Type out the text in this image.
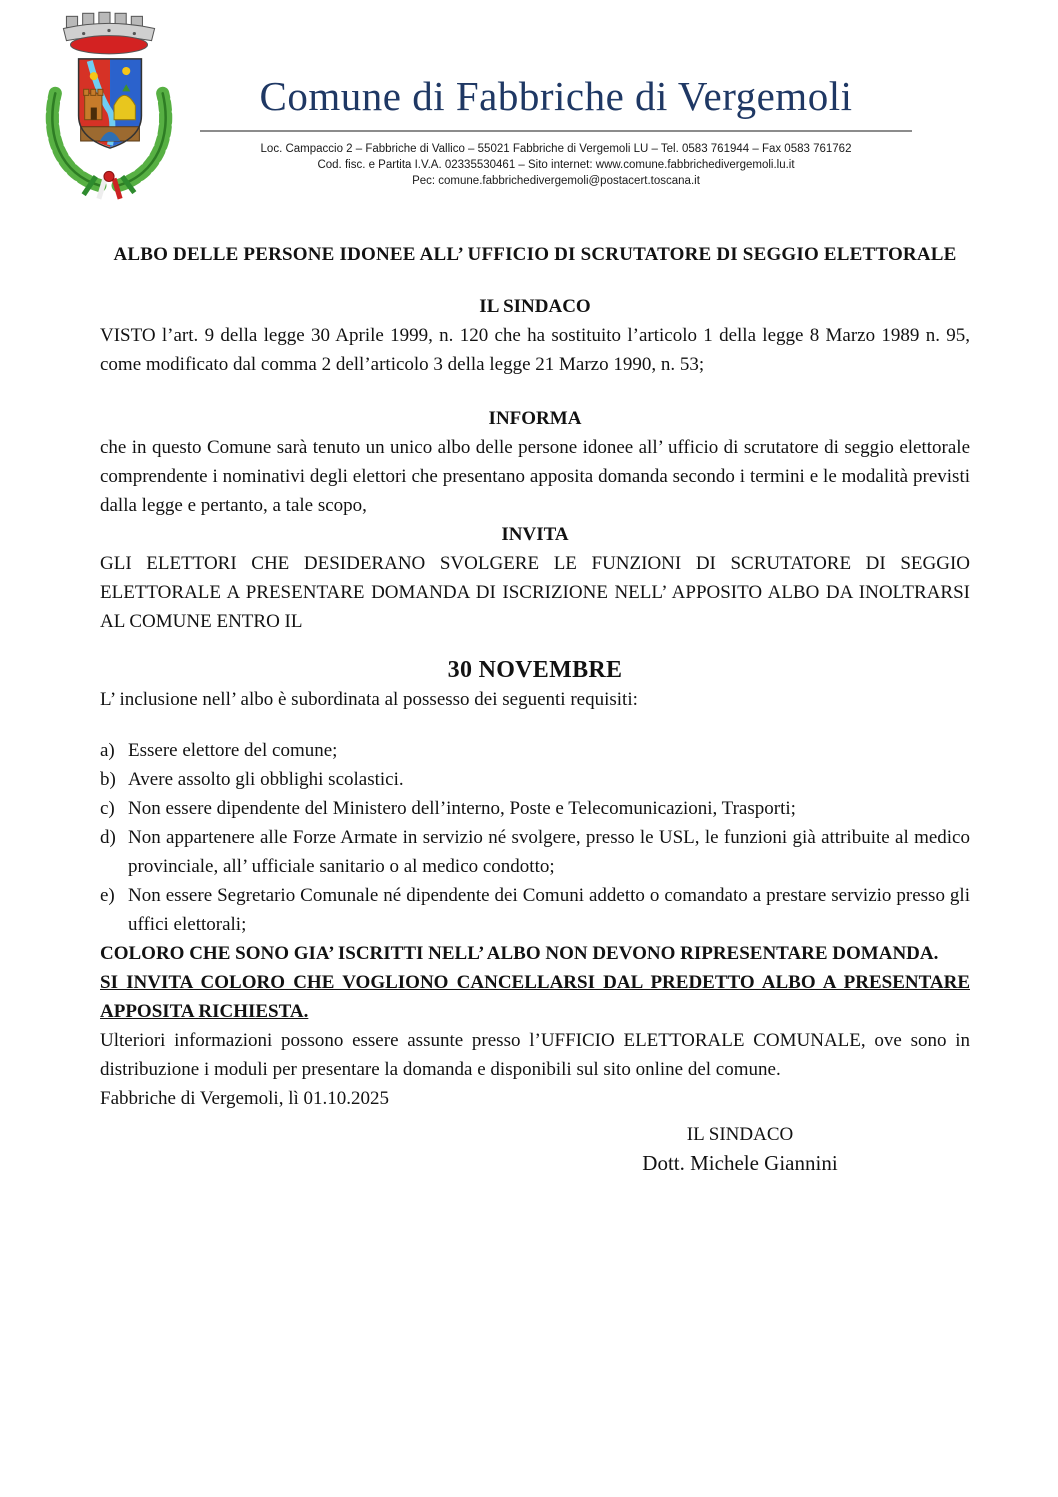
Comune di Fabbriche di Vergemoli

Loc. Campaccio 2 – Fabbriche di Vallico – 55021 Fabbriche di Vergemoli LU – Tel. 0583 761944 – Fax 0583 761762

Cod. fisc. e Partita I.V.A. 02335530461 – Sito internet: www.comune.fabbrichedivergemoli.lu.it

Pec: comune.fabbrichedivergemoli@postacert.toscana.it

ALBO DELLE PERSONE IDONEE ALL’ UFFICIO DI SCRUTATORE DI SEGGIO ELETTORALE
IL SINDACO

VISTO l’art. 9 della legge 30 Aprile 1999, n. 120 che ha sostituito l’articolo 1 della legge 8 Marzo 1989 n. 95, come modificato dal comma 2 dell’articolo 3 della legge 21 Marzo 1990, n. 53;

INFORMA

che in questo Comune sarà tenuto un unico albo delle persone idonee all’ ufficio di scrutatore di seggio elettorale comprendente i nominativi degli elettori che presentano apposita domanda secondo i termini e le modalità previsti dalla legge e pertanto, a tale scopo,

INVITA

GLI ELETTORI CHE DESIDERANO SVOLGERE LE FUNZIONI DI SCRUTATORE DI SEGGIO ELETTORALE A PRESENTARE DOMANDA DI ISCRIZIONE NELL’ APPOSITO ALBO DA INOLTRARSI AL COMUNE ENTRO IL

30 NOVEMBRE

L’ inclusione nell’ albo è subordinata al possesso dei seguenti requisiti:

a) Essere elettore del comune;
b) Avere assolto gli obblighi scolastici.
c) Non essere dipendente del Ministero dell’interno, Poste e Telecomunicazioni, Trasporti;
d) Non appartenere alle Forze Armate in servizio né svolgere, presso le USL, le funzioni già attribuite al medico provinciale, all’ ufficiale sanitario o al medico condotto;
e) Non essere Segretario Comunale né dipendente dei Comuni addetto o comandato a prestare servizio presso gli uffici elettorali;

COLORO CHE SONO GIA’ ISCRITTI NELL’ ALBO NON DEVONO RIPRESENTARE DOMANDA.

SI INVITA COLORO CHE VOGLIONO CANCELLARSI DAL PREDETTO ALBO A PRESENTARE APPOSITA RICHIESTA.

Ulteriori informazioni possono essere assunte presso l’UFFICIO ELETTORALE COMUNALE, ove sono in distribuzione i moduli per presentare la domanda e disponibili sul sito online del comune.

Fabbriche di Vergemoli, lì 01.10.2025

IL SINDACO
Dott. Michele Giannini
